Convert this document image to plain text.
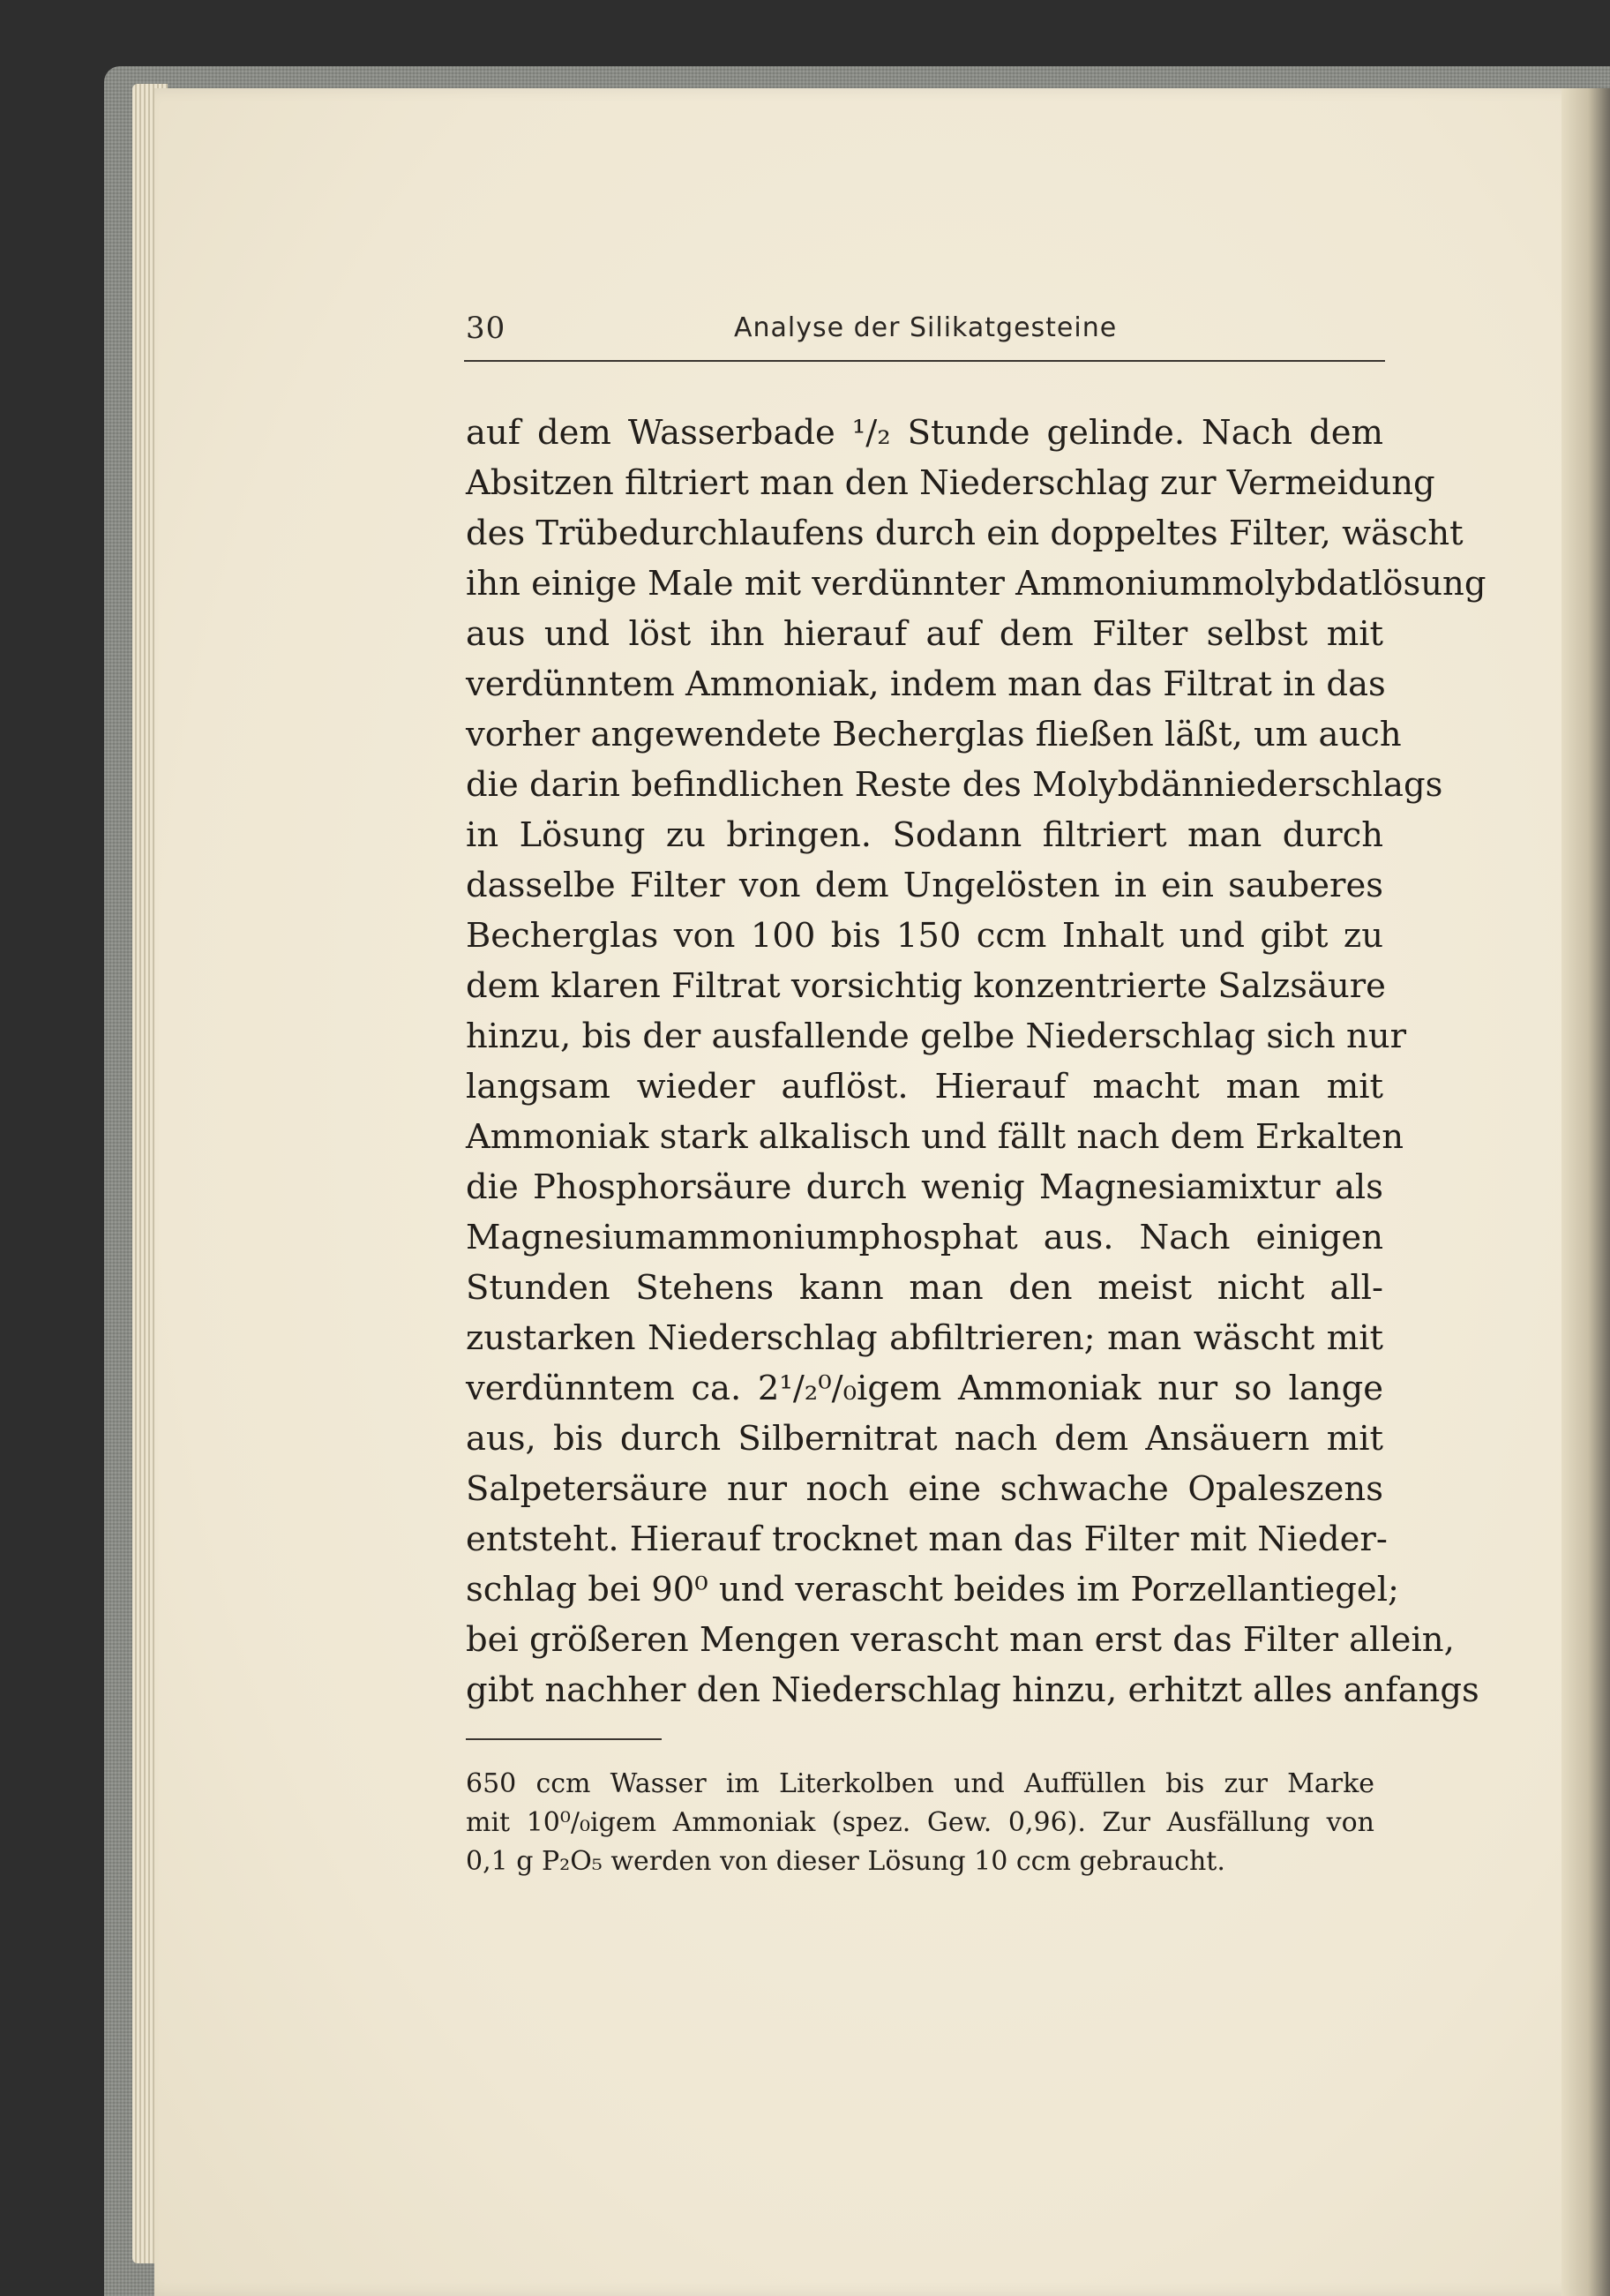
30	Analyse der Silikatgesteine
auf dem Wasserbade ¹/₂ Stunde gelinde. Nach dem
Absitzen filtriert man den Niederschlag zur Vermeidung
des Trübedurchlaufens durch ein doppeltes Filter, wäscht
ihn einige Male mit verdünnter Ammoniummolybdatlösung
aus und löst ihn hierauf auf dem Filter selbst mit
verdünntem Ammoniak, indem man das Filtrat in das
vorher angewendete Becherglas fließen läßt, um auch
die darin befindlichen Reste des Molybdänniederschlags
in Lösung zu bringen. Sodann filtriert man durch
dasselbe Filter von dem Ungelösten in ein sauberes
Becherglas von 100 bis 150 ccm Inhalt und gibt zu
dem klaren Filtrat vorsichtig konzentrierte Salzsäure
hinzu, bis der ausfallende gelbe Niederschlag sich nur
langsam wieder auflöst. Hierauf macht man mit
Ammoniak stark alkalisch und fällt nach dem Erkalten
die Phosphorsäure durch wenig Magnesiamixtur als
Magnesiumammoniumphosphat aus. Nach einigen
Stunden Stehens kann man den meist nicht all-
zustarken Niederschlag abfiltrieren; man wäscht mit
verdünntem ca. 2¹/₂⁰/₀igem Ammoniak nur so lange
aus, bis durch Silbernitrat nach dem Ansäuern mit
Salpetersäure nur noch eine schwache Opaleszens
entsteht. Hierauf trocknet man das Filter mit Nieder-
schlag bei 90⁰ und verascht beides im Porzellantiegel;
bei größeren Mengen verascht man erst das Filter allein,
gibt nachher den Niederschlag hinzu, erhitzt alles anfangs
650 ccm Wasser im Literkolben und Auffüllen bis zur Marke
mit 10⁰/₀igem Ammoniak (spez. Gew. 0,96). Zur Ausfällung von
0,1 g P₂O₅ werden von dieser Lösung 10 ccm gebraucht.
